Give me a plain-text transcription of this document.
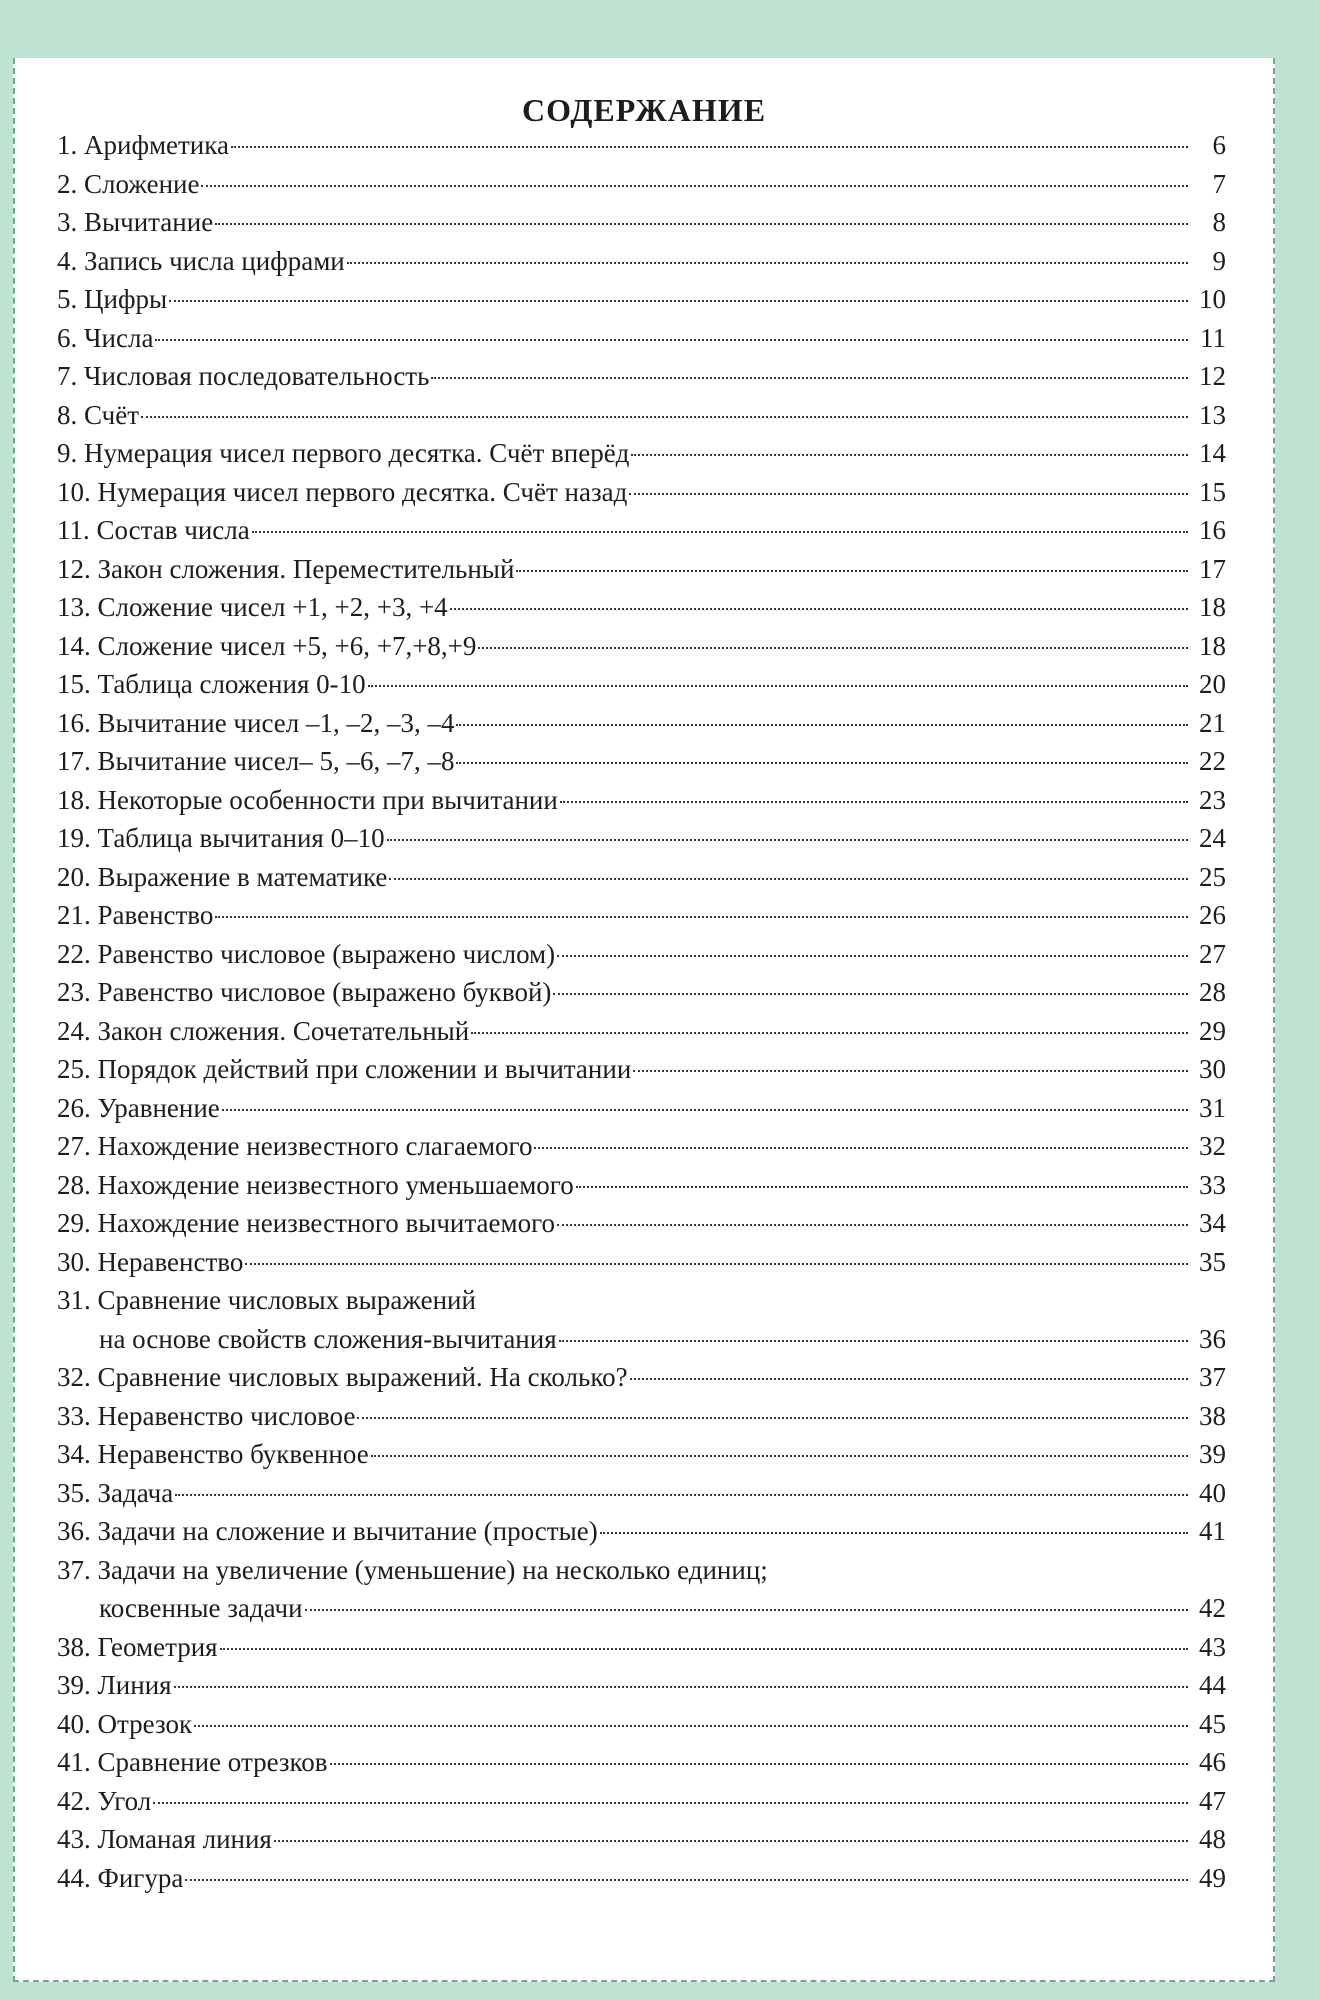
СОДЕРЖАНИЕ
1. Арифметика	6
2. Сложение	7
3. Вычитание	8
4. Запись числа цифрами	9
5. Цифры	10
6. Числа	11
7. Числовая последовательность	12
8. Счёт	13
9. Нумерация чисел первого десятка. Счёт вперёд	14
10. Нумерация чисел первого десятка. Счёт назад	15
11. Состав числа	16
12. Закон сложения. Переместительный	17
13. Сложение чисел +1, +2, +3, +4	18
14. Сложение чисел +5, +6, +7,+8,+9	18
15. Таблица сложения 0-10	20
16. Вычитание чисел –1, –2, –3, –4	21
17. Вычитание чисел– 5, –6, –7, –8	22
18. Некоторые особенности при вычитании	23
19. Таблица вычитания 0–10	24
20. Выражение в математике	25
21. Равенство	26
22. Равенство числовое (выражено числом)	27
23. Равенство числовое (выражено буквой)	28
24. Закон сложения. Сочетательный	29
25. Порядок действий при сложении и вычитании	30
26. Уравнение	31
27. Нахождение неизвестного слагаемого	32
28. Нахождение неизвестного уменьшаемого	33
29. Нахождение неизвестного вычитаемого	34
30. Неравенство	35
31. Сравнение числовых выражений
на основе свойств сложения-вычитания	36
32. Сравнение числовых выражений. На сколько?	37
33. Неравенство числовое	38
34. Неравенство буквенное	39
35. Задача	40
36. Задачи на сложение и вычитание (простые)	41
37. Задачи на увеличение (уменьшение) на несколько единиц;
косвенные задачи	42
38. Геометрия	43
39. Линия	44
40. Отрезок	45
41. Сравнение отрезков	46
42. Угол	47
43. Ломаная линия	48
44. Фигура	49
